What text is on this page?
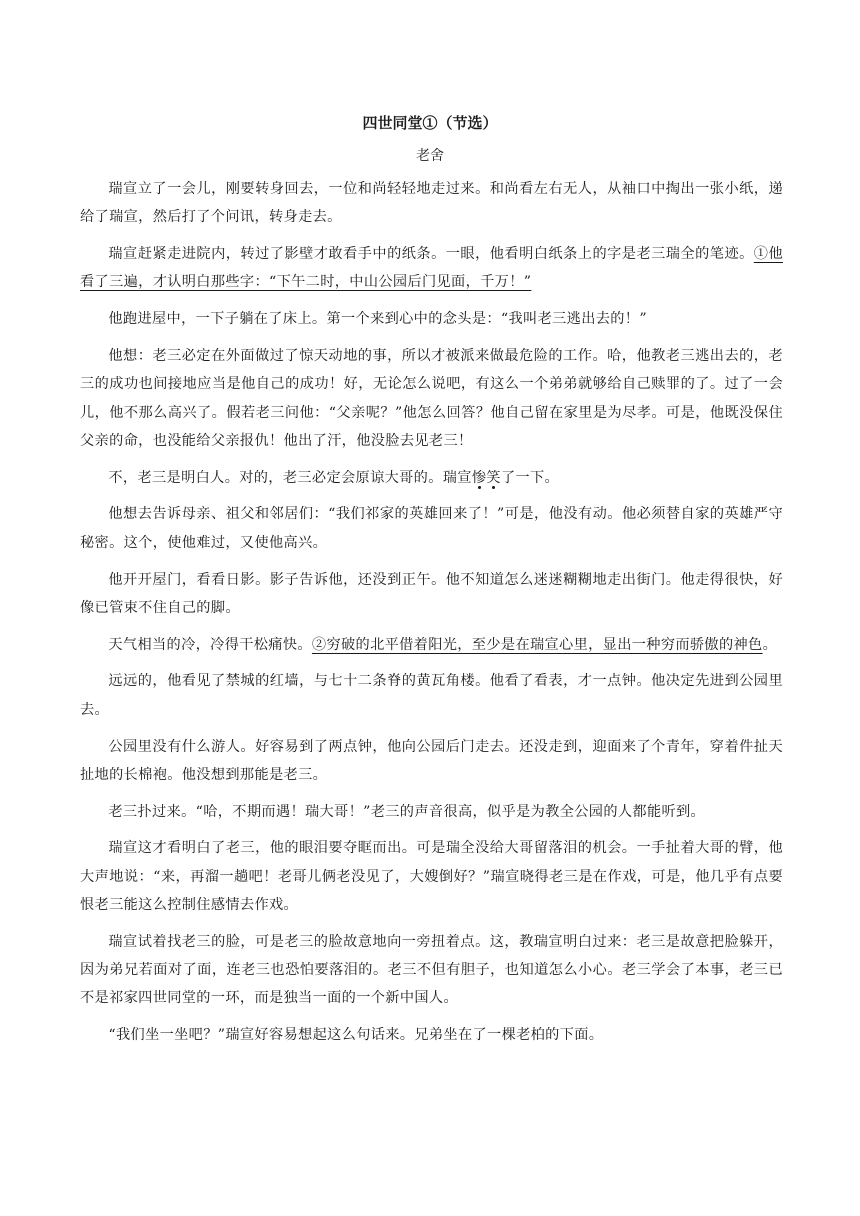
四世同堂①（节选）
老舍

瑞宣立了一会儿，刚要转身回去，一位和尚轻轻地走过来。和尚看左右无人，从袖口中掏出一张小纸，递给了瑞宣，然后打了个问讯，转身走去。

瑞宣赶紧走进院内，转过了影壁才敢看手中的纸条。一眼，他看明白纸条上的字是老三瑞全的笔迹。①他看了三遍，才认明白那些字：“下午二时，中山公园后门见面，千万！”

他跑进屋中，一下子躺在了床上。第一个来到心中的念头是：“我叫老三逃出去的！”

他想：老三必定在外面做过了惊天动地的事，所以才被派来做最危险的工作。哈，他教老三逃出去的，老三的成功也间接地应当是他自己的成功！好，无论怎么说吧，有这么一个弟弟就够给自己赎罪的了。过了一会儿，他不那么高兴了。假若老三问他：“父亲呢？”他怎么回答？他自己留在家里是为尽孝。可是，他既没保住父亲的命，也没能给父亲报仇！他出了汗，他没脸去见老三！

不，老三是明白人。对的，老三必定会原谅大哥的。瑞宣惨笑了一下。

他想去告诉母亲、祖父和邻居们：“我们祁家的英雄回来了！”可是，他没有动。他必须替自家的英雄严守秘密。这个，使他难过，又使他高兴。

他开开屋门，看看日影。影子告诉他，还没到正午。他不知道怎么迷迷糊糊地走出街门。他走得很快，好像已管束不住自己的脚。

天气相当的冷，冷得干松痛快。②穷破的北平借着阳光，至少是在瑞宣心里，显出一种穷而骄傲的神色。

远远的，他看见了禁城的红墙，与七十二条脊的黄瓦角楼。他看了看表，才一点钟。他决定先进到公园里去。

公园里没有什么游人。好容易到了两点钟，他向公园后门走去。还没走到，迎面来了个青年，穿着件扯天扯地的长棉袍。他没想到那能是老三。

老三扑过来。“哈，不期而遇！瑞大哥！”老三的声音很高，似乎是为教全公园的人都能听到。

瑞宣这才看明白了老三，他的眼泪要夺眶而出。可是瑞全没给大哥留落泪的机会。一手扯着大哥的臂，他大声地说：“来，再溜一趟吧！老哥儿俩老没见了，大嫂倒好？”瑞宣晓得老三是在作戏，可是，他几乎有点要恨老三能这么控制住感情去作戏。

瑞宣试着找老三的脸，可是老三的脸故意地向一旁扭着点。这，教瑞宣明白过来：老三是故意把脸躲开，因为弟兄若面对了面，连老三也恐怕要落泪的。老三不但有胆子，也知道怎么小心。老三学会了本事，老三已不是祁家四世同堂的一环，而是独当一面的一个新中国人。

“我们坐一坐吧？”瑞宣好容易想起这么句话来。兄弟坐在了一棵老柏的下面。
